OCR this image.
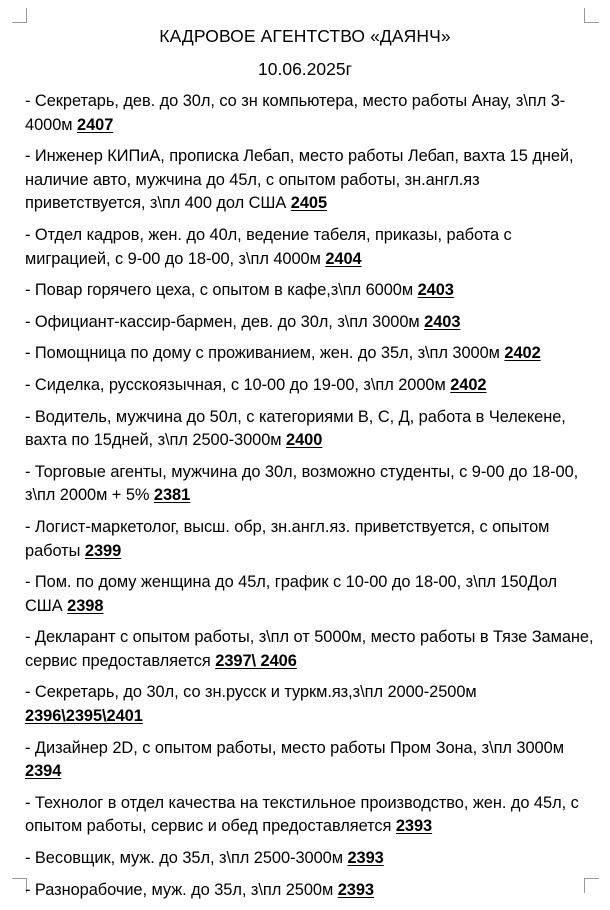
КАДРОВОЕ АГЕНТСТВО «ДАЯНЧ»
10.06.2025г

- Секретарь, дев. до 30л, со зн компьютера, место работы Анау, з\пл 3-4000м 2407

- Инженер КИПиА, прописка Лебап, место работы Лебап, вахта 15 дней, наличие авто, мужчина до 45л, с опытом работы, зн.англ.яз приветствуется, з\пл 400 дол США 2405

- Отдел кадров, жен. до 40л, ведение табеля, приказы, работа с миграцией, с 9-00 до 18-00, з\пл 4000м 2404

- Повар горячего цеха, с опытом в кафе,з\пл 6000м 2403

- Официант-кассир-бармен, дев. до 30л, з\пл 3000м 2403

- Помощница по дому с проживанием, жен. до 35л, з\пл 3000м 2402

- Сиделка, русскоязычная, с 10-00 до 19-00, з\пл 2000м 2402

- Водитель, мужчина до 50л, с категориями В, С, Д, работа в Челекене, вахта по 15дней, з\пл 2500-3000м 2400

- Торговые агенты, мужчина до 30л, возможно студенты, с 9-00 до 18-00, з\пл 2000м + 5% 2381

- Логист-маркетолог, высш. обр, зн.англ.яз. приветствуется, с опытом работы 2399

- Пом. по дому женщина до 45л, график с 10-00 до 18-00, з\пл 150Дол США 2398

- Декларант с опытом работы, з\пл от 5000м, место работы в Тязе Замане, сервис предоставляется 2397\ 2406

- Секретарь, до 30л, со зн.русск и туркм.яз,з\пл 2000-2500м 2396\2395\2401

- Дизайнер 2D, с опытом работы, место работы Пром Зона, з\пл 3000м 2394

- Технолог в отдел качества на текстильное производство, жен. до 45л, с опытом работы, сервис и обед предоставляется 2393

- Весовщик, муж. до 35л, з\пл 2500-3000м 2393

- Разнорабочие, муж. до 35л, з\пл 2500м 2393
